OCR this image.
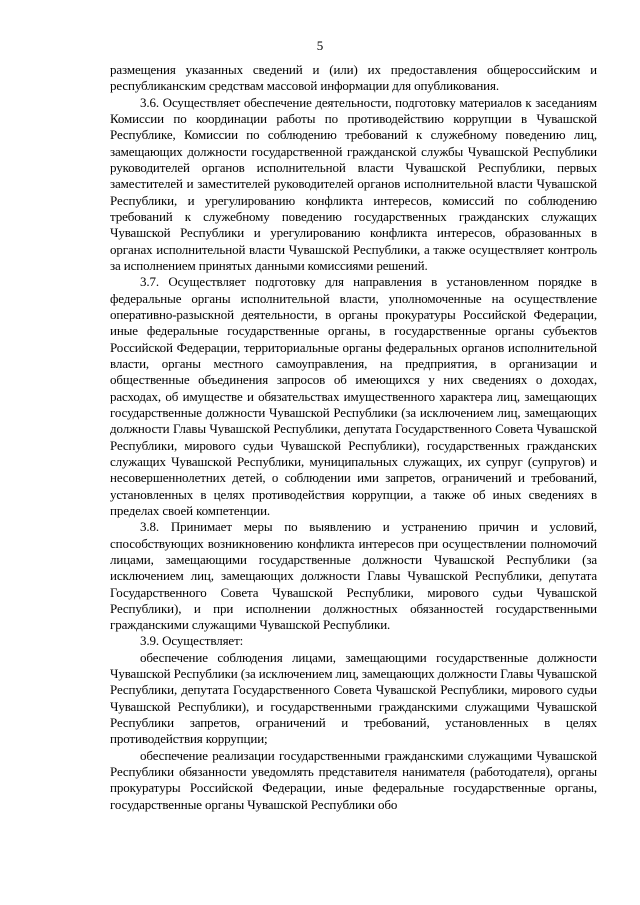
5

размещения указанных сведений и (или) их предоставления общероссийским и республиканским средствам массовой информации для опубликования.

3.6. Осуществляет обеспечение деятельности, подготовку материалов к заседаниям Комиссии по координации работы по противодействию коррупции в Чувашской Республике, Комиссии по соблюдению требований к служебному поведению лиц, замещающих должности государственной гражданской службы Чувашской Республики руководителей органов исполнительной власти Чувашской Республики, первых заместителей и заместителей руководителей органов исполнительной власти Чувашской Республики, и урегулированию конфликта интересов, комиссий по соблюдению требований к служебному поведению государственных гражданских служащих Чувашской Республики и урегулированию конфликта интересов, образованных в органах исполнительной власти Чувашской Республики, а также осуществляет контроль за исполнением принятых данными комиссиями решений.

3.7. Осуществляет подготовку для направления в установленном порядке в федеральные органы исполнительной власти, уполномоченные на осуществление оперативно-разыскной деятельности, в органы прокуратуры Российской Федерации, иные федеральные государственные органы, в государственные органы субъектов Российской Федерации, территориальные органы федеральных органов исполнительной власти, органы местного самоуправления, на предприятия, в организации и общественные объединения запросов об имеющихся у них сведениях о доходах, расходах, об имуществе и обязательствах имущественного характера лиц, замещающих государственные должности Чувашской Республики (за исключением лиц, замещающих должности Главы Чувашской Республики, депутата Государственного Совета Чувашской Республики, мирового судьи Чувашской Республики), государственных гражданских служащих Чувашской Республики, муниципальных служащих, их супруг (супругов) и несовершеннолетних детей, о соблюдении ими запретов, ограничений и требований, установленных в целях противодействия коррупции, а также об иных сведениях в пределах своей компетенции.

3.8. Принимает меры по выявлению и устранению причин и условий, способствующих возникновению конфликта интересов при осуществлении полномочий лицами, замещающими государственные должности Чувашской Республики (за исключением лиц, замещающих должности Главы Чувашской Республики, депутата Государственного Совета Чувашской Республики, мирового судьи Чувашской Республики), и при исполнении должностных обязанностей государственными гражданскими служащими Чувашской Республики.

3.9. Осуществляет:

обеспечение соблюдения лицами, замещающими государственные должности Чувашской Республики (за исключением лиц, замещающих должности Главы Чувашской Республики, депутата Государственного Совета Чувашской Республики, мирового судьи Чувашской Республики), и государственными гражданскими служащими Чувашской Республики запретов, ограничений и требований, установленных в целях противодействия коррупции;

обеспечение реализации государственными гражданскими служащими Чувашской Республики обязанности уведомлять представителя нанимателя (работодателя), органы прокуратуры Российской Федерации, иные федеральные государственные органы, государственные органы Чувашской Республики обо
